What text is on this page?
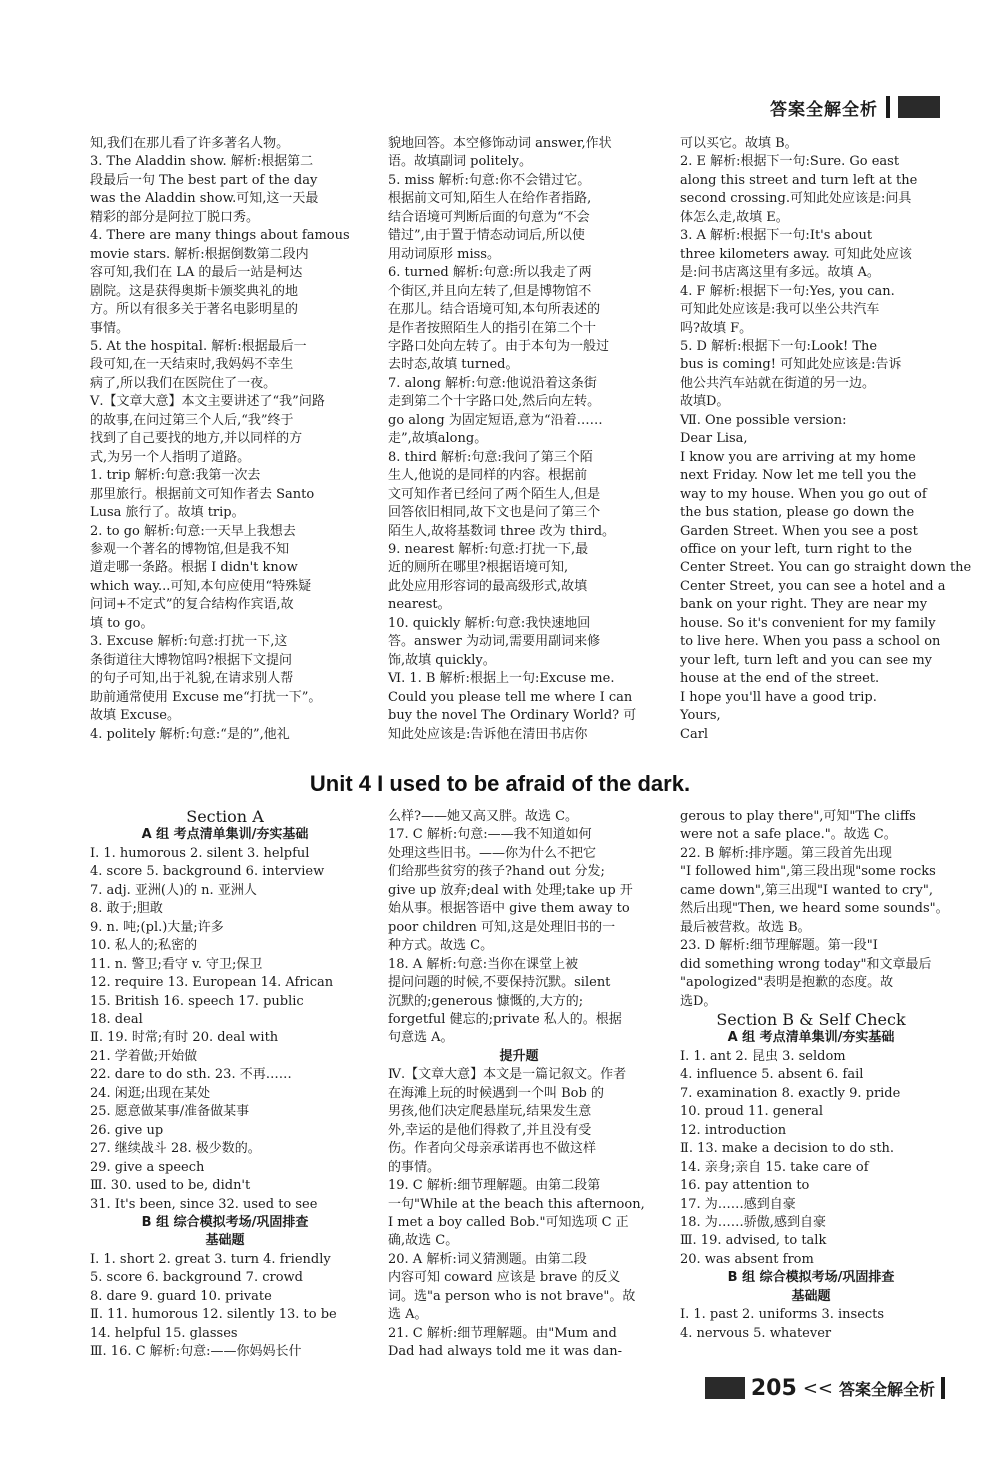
答案全解全析
知,我们在那儿看了许多著名人物。
3. The Aladdin show. 解析:根据第二
段最后一句 The best part of the day
was the Aladdin show.可知,这一天最
精彩的部分是阿拉丁脱口秀。
4. There are many things about famous
movie stars. 解析:根据倒数第二段内
容可知,我们在 LA 的最后一站是柯达
剧院。这是获得奥斯卡颁奖典礼的地
方。所以有很多关于著名电影明星的
事情。
5. At the hospital. 解析:根据最后一
段可知,在一天结束时,我妈妈不幸生
病了,所以我们在医院住了一夜。
Ⅴ.【文章大意】本文主要讲述了“我”问路
的故事,在问过第三个人后,“我”终于
找到了自己要找的地方,并以同样的方
式,为另一个人指明了道路。
1. trip 解析:句意:我第一次去
那里旅行。根据前文可知作者去 Santo
Lusa 旅行了。故填 trip。
2. to go 解析:句意:一天早上我想去
参观一个著名的博物馆,但是我不知
道走哪一条路。根据 I didn't know
which way...可知,本句应使用“特殊疑
问词+不定式”的复合结构作宾语,故
填 to go。
3. Excuse 解析:句意:打扰一下,这
条街道往大博物馆吗?根据下文提问
的句子可知,出于礼貌,在请求别人帮
助前通常使用 Excuse me“打扰一下”。
故填 Excuse。
4. politely 解析:句意:“是的”,他礼
貌地回答。本空修饰动词 answer,作状
语。故填副词 politely。
5. miss 解析:句意:你不会错过它。
根据前文可知,陌生人在给作者指路,
结合语境可判断后面的句意为“不会
错过”,由于置于情态动词后,所以使
用动词原形 miss。
6. turned 解析:句意:所以我走了两
个街区,并且向左转了,但是博物馆不
在那儿。结合语境可知,本句所表述的
是作者按照陌生人的指引在第二个十
字路口处向左转了。由于本句为一般过
去时态,故填 turned。
7. along 解析:句意:他说沿着这条街
走到第二个十字路口处,然后向左转。
go along 为固定短语,意为“沿着……
走”,故填along。
8. third 解析:句意:我问了第三个陌
生人,他说的是同样的内容。根据前
文可知作者已经问了两个陌生人,但是
回答依旧相同,故下文也是问了第三个
陌生人,故将基数词 three 改为 third。
9. nearest 解析:句意:打扰一下,最
近的厕所在哪里?根据语境可知,
此处应用形容词的最高级形式,故填
nearest。
10. quickly 解析:句意:我快速地回
答。answer 为动词,需要用副词来修
饰,故填 quickly。
Ⅵ. 1. B 解析:根据上一句:Excuse me.
Could you please tell me where I can
buy the novel The Ordinary World? 可
知此处应该是:告诉他在清田书店你
可以买它。故填 B。
2. E 解析:根据下一句:Sure. Go east
along this street and turn left at the
second crossing.可知此处应该是:问具
体怎么走,故填 E。
3. A 解析:根据下一句:It's about
three kilometers away. 可知此处应该
是:问书店离这里有多远。故填 A。
4. F 解析:根据下一句:Yes, you can.
可知此处应该是:我可以坐公共汽车
吗?故填 F。
5. D 解析:根据下一句:Look! The
bus is coming! 可知此处应该是:告诉
他公共汽车站就在街道的另一边。
故填D。
Ⅶ. One possible version:
Dear Lisa,
I know you are arriving at my home
next Friday. Now let me tell you the
way to my house. When you go out of
the bus station, please go down the
Garden Street. When you see a post
office on your left, turn right to the
Center Street. You can go straight down the
Center Street, you can see a hotel and a
bank on your right. They are near my
house. So it's convenient for my family
to live here. When you pass a school on
your left, turn left and you can see my
house at the end of the street.
I hope you'll have a good trip.
Yours,
Carl
Unit 4 I used to be afraid of the dark.
Section A
A 组 考点清单集训/夯实基础
Ⅰ. 1. humorous 2. silent 3. helpful
4. score 5. background 6. interview
7. adj. 亚洲(人)的 n. 亚洲人
8. 敢于;胆敢
9. n. 吨;(pl.)大量;许多
10. 私人的;私密的
11. n. 警卫;看守 v. 守卫;保卫
12. require 13. European 14. African
15. British 16. speech 17. public
18. deal
Ⅱ. 19. 时常;有时 20. deal with
21. 学着做;开始做
22. dare to do sth. 23. 不再……
24. 闲逛;出现在某处
25. 愿意做某事/准备做某事
26. give up
27. 继续战斗 28. 极少数的。
29. give a speech
Ⅲ. 30. used to be, didn't
31. It's been, since 32. used to see
B 组 综合模拟考场/巩固排查
基础题
Ⅰ. 1. short 2. great 3. turn 4. friendly
5. score 6. background 7. crowd
8. dare 9. guard 10. private
Ⅱ. 11. humorous 12. silently 13. to be
14. helpful 15. glasses
Ⅲ. 16. C 解析:句意:——你妈妈长什
么样?——她又高又胖。故选 C。
17. C 解析:句意:——我不知道如何
处理这些旧书。——你为什么不把它
们给那些贫穷的孩子?hand out 分发;
give up 放弃;deal with 处理;take up 开
始从事。根据答语中 give them away to
poor children 可知,这是处理旧书的一
种方式。故选 C。
18. A 解析:句意:当你在课堂上被
提问问题的时候,不要保持沉默。silent
沉默的;generous 慷慨的,大方的;
forgetful 健忘的;private 私人的。根据
句意选 A。
提升题
Ⅳ.【文章大意】本文是一篇记叙文。作者
在海滩上玩的时候遇到一个叫 Bob 的
男孩,他们决定爬悬崖玩,结果发生意
外,幸运的是他们得救了,并且没有受
伤。作者向父母亲承诺再也不做这样
的事情。
19. C 解析:细节理解题。由第二段第
一句"While at the beach this afternoon,
I met a boy called Bob."可知选项 C 正
确,故选 C。
20. A 解析:词义猜测题。由第二段
内容可知 coward 应该是 brave 的反义
词。选"a person who is not brave"。故
选 A。
21. C 解析:细节理解题。由"Mum and
Dad had always told me it was dan-
gerous to play there",可知"The cliffs
were not a safe place."。故选 C。
22. B 解析:排序题。第三段首先出现
"I followed him",第三段出现"some rocks
came down",第三出现"I wanted to cry",
然后出现"Then, we heard some sounds"。
最后被营救。故选 B。
23. D 解析:细节理解题。第一段"I
did something wrong today"和文章最后
"apologized"表明是抱歉的态度。故
选D。
Section B & Self Check
A 组 考点清单集训/夯实基础
Ⅰ. 1. ant 2. 昆虫 3. seldom
4. influence 5. absent 6. fail
7. examination 8. exactly 9. pride
10. proud 11. general
12. introduction
Ⅱ. 13. make a decision to do sth.
14. 亲身;亲自 15. take care of
16. pay attention to
17. 为……感到自豪
18. 为……骄傲,感到自豪
Ⅲ. 19. advised, to talk
20. was absent from
B 组 综合模拟考场/巩固排查
基础题
Ⅰ. 1. past 2. uniforms 3. insects
4. nervous 5. whatever
205 << 答案全解全析
